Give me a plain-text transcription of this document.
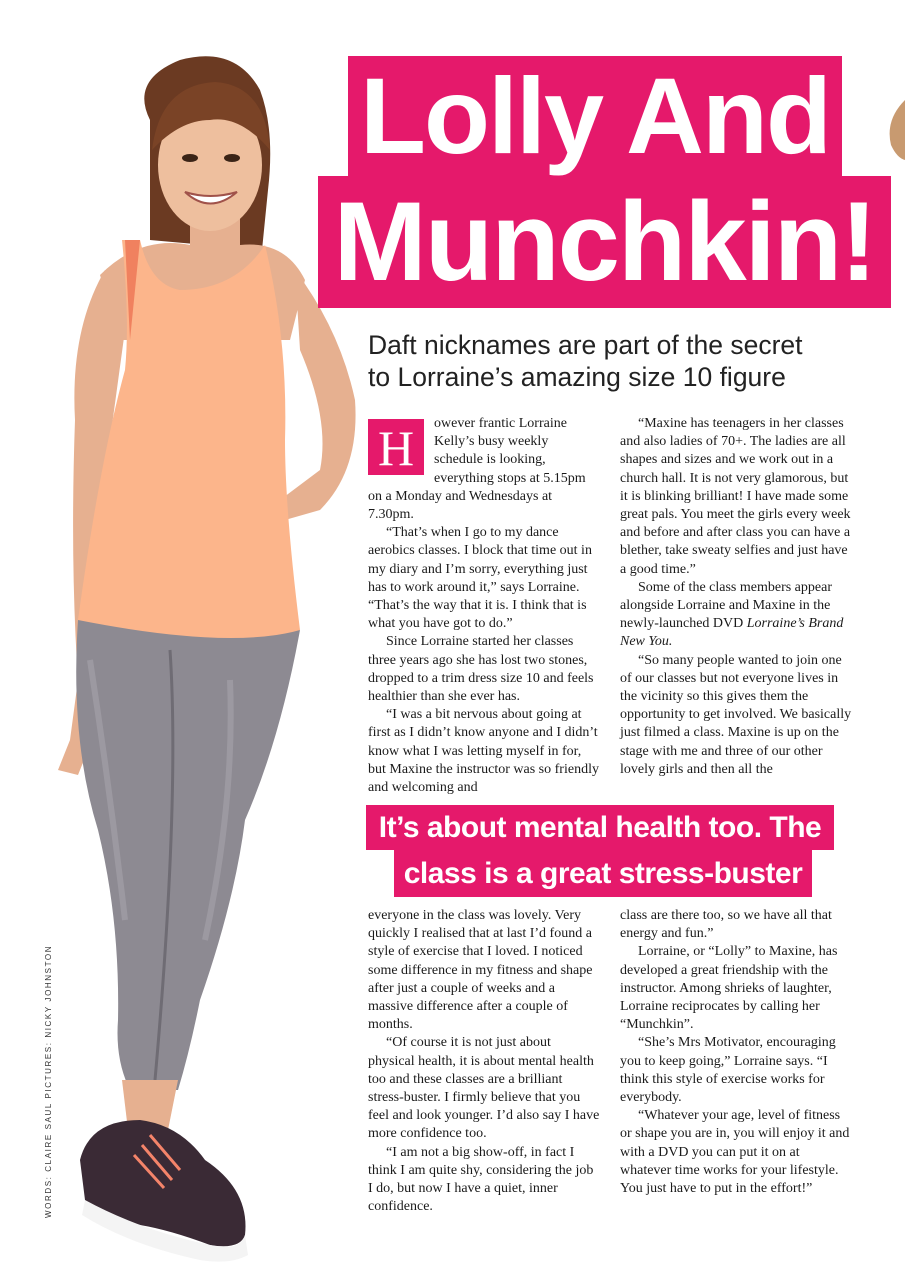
WORDS: CLAIRE SAUL PICTURES: NICKY JOHNSTON
Lolly And
Munchkin!
Daft nicknames are part of the secret
to Lorraine’s amazing size 10 figure

H	owever frantic Lorraine Kelly’s busy weekly schedule is looking, everything stops at 5.15pm on a Monday and Wednesdays at 7.30pm.

“That’s when I go to my dance aerobics classes. I block that time out in my diary and I’m sorry, everything just has to work around it,” says Lorraine. “That’s the way that it is. I think that is what you have got to do.”

Since Lorraine started her classes three years ago she has lost two stones, dropped to a trim dress size 10 and feels healthier than she ever has.

“I was a bit nervous about going at first as I didn’t know anyone and I didn’t know what I was letting myself in for, but Maxine the instructor was so friendly and welcoming and

“Maxine has teenagers in her classes and also ladies of 70+. The ladies are all shapes and sizes and we work out in a church hall. It is not very glamorous, but it is blinking brilliant! I have made some great pals. You meet the girls every week and before and after class you can have a blether, take sweaty selfies and just have a good time.”

Some of the class members appear alongside Lorraine and Maxine in the newly-launched DVD Lorraine’s Brand New You.

“So many people wanted to join one of our classes but not everyone lives in the vicinity so this gives them the opportunity to get involved. We basically just filmed a class. Maxine is up on the stage with me and three of our other lovely girls and then all the

It’s about mental health too. The
class is a great stress-buster

everyone in the class was lovely. Very quickly I realised that at last I’d found a style of exercise that I loved. I noticed some difference in my fitness and shape after just a couple of weeks and a massive difference after a couple of months.

“Of course it is not just about physical health, it is about mental health too and these classes are a brilliant stress-buster. I firmly believe that you feel and look younger. I’d also say I have more confidence too.

“I am not a big show-off, in fact I think I am quite shy, considering the job I do, but now I have a quiet, inner confidence.

class are there too, so we have all that energy and fun.”

Lorraine, or “Lolly” to Maxine, has developed a great friendship with the instructor. Among shrieks of laughter, Lorraine reciprocates by calling her “Munchkin”.

“She’s Mrs Motivator, encouraging you to keep going,” Lorraine says. “I think this style of exercise works for everybody.

“Whatever your age, level of fitness or shape you are in, you will enjoy it and with a DVD you can put it on at whatever time works for your lifestyle. You just have to put in the effort!”
